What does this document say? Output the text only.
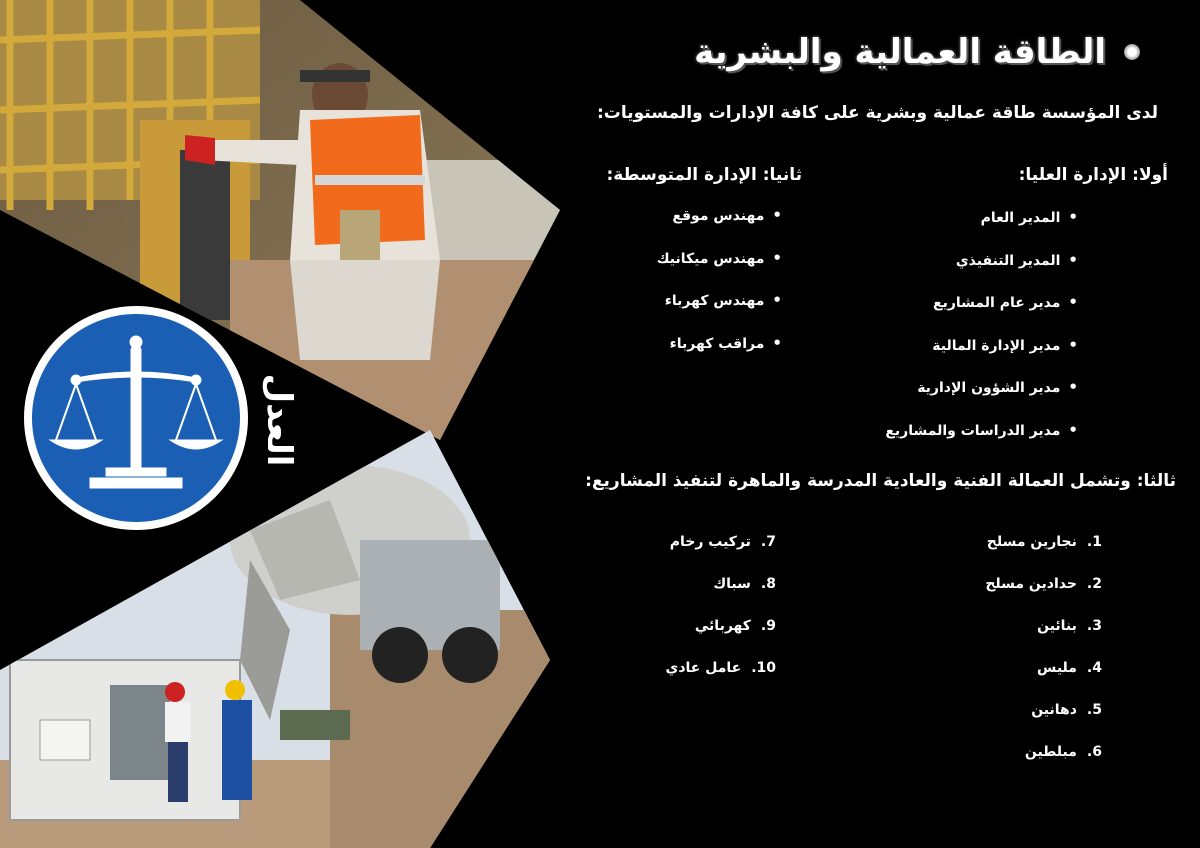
العدل
الطاقة العمالية والبشرية
لدى المؤسسة طاقة عمالية وبشرية على كافة الإدارات والمستويات:
أولا: الإدارة العليا:
• المدير العام
• المدير التنفيذي
• مدير عام المشاريع
• مدير الإدارة المالية
• مدير الشؤون الإدارية
• مدير الدراسات والمشاريع
ثانيا: الإدارة المتوسطة:
• مهندس موقع
• مهندس ميكانيك
• مهندس كهرباء
• مراقب كهرباء
ثالثا: وتشمل العمالة الفنية والعادية المدرسة والماهرة لتنفيذ المشاريع:
1.نجارين مسلح
2.حدادين مسلح
3.بنائين
4.مليس
5.دهانين
6.مبلطين
7.تركيب رخام
8.سباك
9.كهربائي
10.عامل عادي
